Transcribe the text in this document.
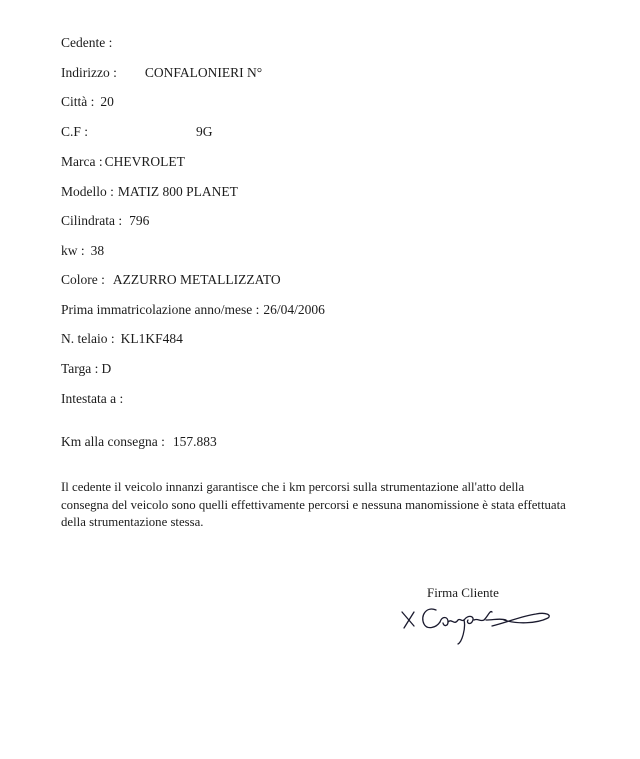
Cedente :
Indirizzo : CONFALONIERI N°
Città : 20
C.F :	9G
Marca : CHEVROLET
Modello : MATIZ 800 PLANET
Cilindrata : 796
kw : 38
Colore : AZZURRO METALLIZZATO
Prima immatricolazione anno/mese : 26/04/2006
N. telaio : KL1KF484
Targa : D
Intestata a :
Km alla consegna : 157.883
Il cedente il veicolo innanzi garantisce che i km percorsi sulla strumentazione all'atto della
consegna del veicolo sono quelli effettivamente percorsi e nessuna manomissione è stata effettuata
della strumentazione stessa.
Firma Cliente
